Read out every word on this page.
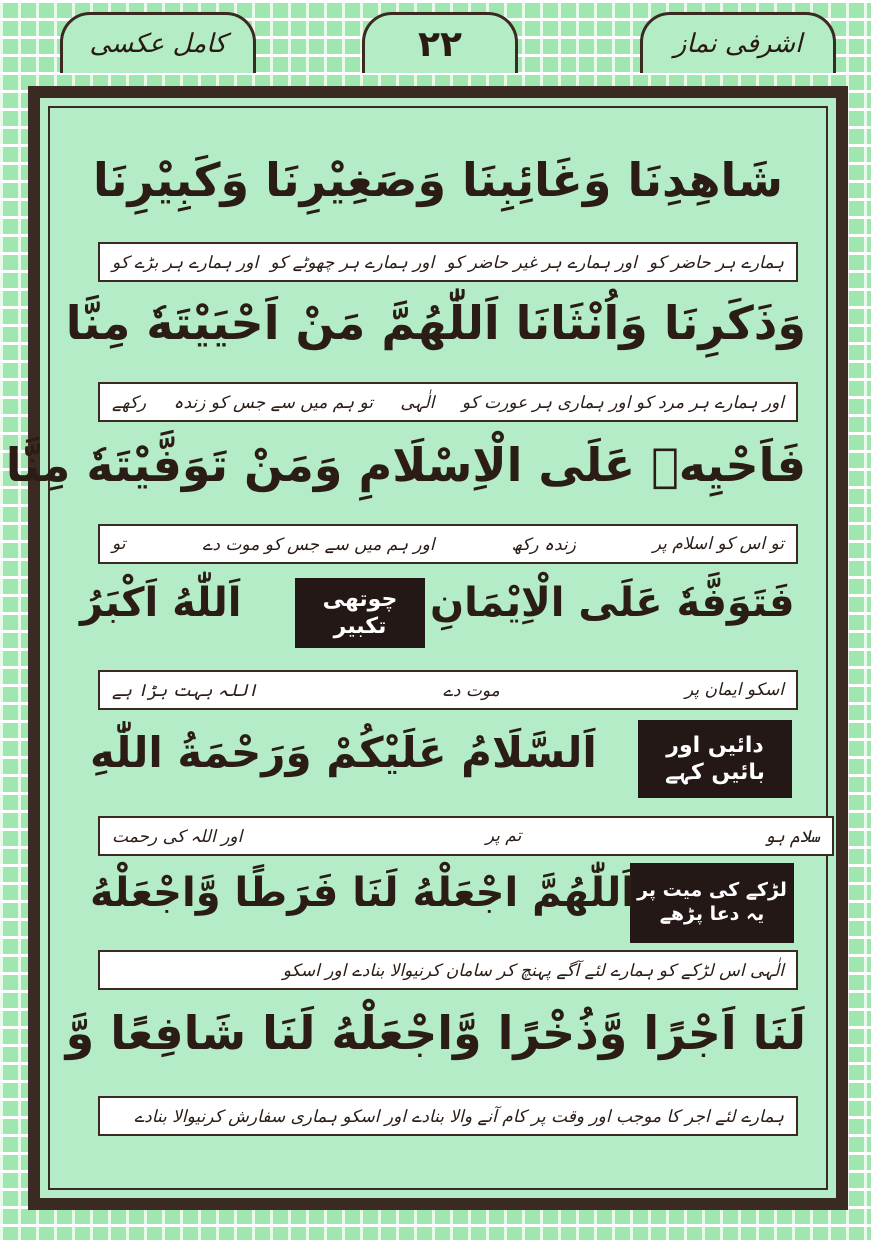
کامل عکسی	۲۲	اشرفی نماز
شَاهِدِنَا وَغَائِبِنَا وَصَغِيْرِنَا وَكَبِيْرِنَا
ہمارے ہر حاضر کو
اور ہمارے ہر غیر حاضر کو
اور ہمارے ہر چھوٹے کو
اور ہمارے ہر بڑے کو
وَذَكَرِنَا وَاُنْثَانَا اَللّٰهُمَّ مَنْ اَحْيَيْتَهٗ مِنَّا
اور ہمارے ہر مرد کو اور ہماری ہر عورت کو
الٰہی
تو ہم میں سے جس کو زندہ
رکھے
فَاَحْيِهٖ عَلَى الْاِسْلَامِ وَمَنْ تَوَفَّيْتَهٗ مِنَّا
تو اس کو اسلام پر
زندہ رکھ
اور ہم میں سے جس کو موت دے
تو
فَتَوَفَّهٗ عَلَى الْاِيْمَانِ
چوتھی تکبیر
اَللّٰهُ اَكْبَرُ
اسکو ایمان پر
موت دے
اللہ بہت بڑا ہے
دائیں اور
بائیں کہے
اَلسَّلَامُ عَلَيْكُمْ وَرَحْمَةُ اللّٰهِ
سلام ہو
تم پر
اور اللہ کی رحمت
لڑکے کی میت پر
یہ دعا پڑھے
اَللّٰهُمَّ اجْعَلْهُ لَنَا فَرَطًا وَّاجْعَلْهُ
الٰہی اس لڑکے کو ہمارے لئے آگے پہنچ کر سامان کرنیوالا بنادے اور اسکو
لَنَا اَجْرًا وَّذُخْرًا وَّاجْعَلْهُ لَنَا شَافِعًا وَّ
ہمارے لئے اجر کا موجب اور وقت پر کام آنے والا بنادے اور اسکو ہماری سفارش کرنیوالا بنادے
